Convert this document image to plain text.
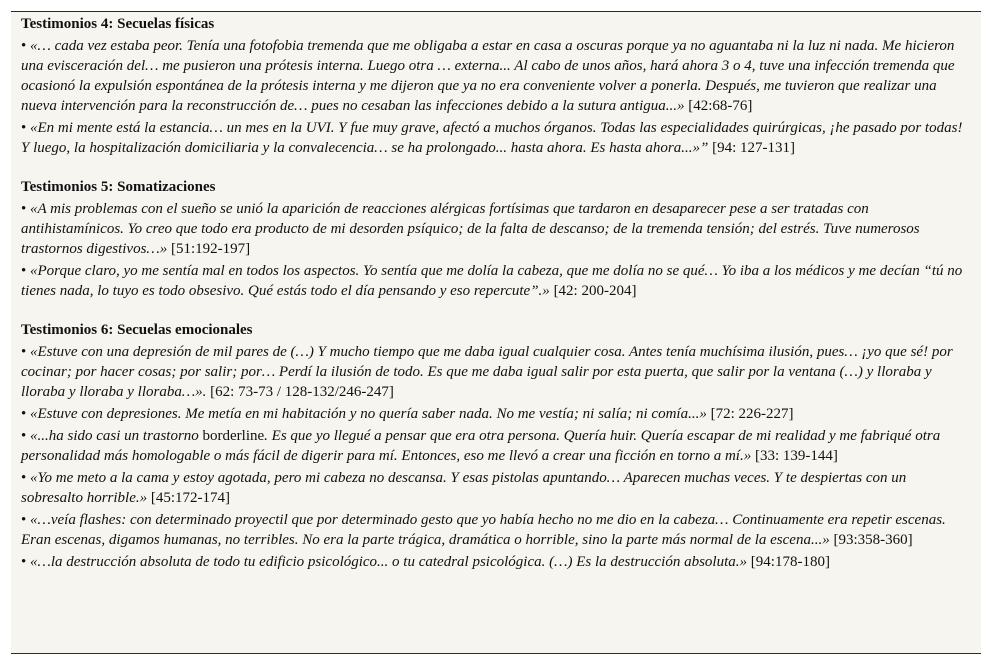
Testimonios 4: Secuelas físicas
• «… cada vez estaba peor. Tenía una fotofobia tremenda que me obligaba a estar en casa a oscuras porque ya no aguantaba ni la luz ni nada. Me hicieron una evisceración del… me pusieron una prótesis interna. Luego otra … externa... Al cabo de unos años, hará ahora 3 o 4, tuve una infección tremenda que ocasionó la expulsión espontánea de la prótesis interna y me dijeron que ya no era conveniente volver a ponerla. Después, me tuvieron que realizar una nueva intervención para la reconstrucción de… pues no cesaban las infecciones debido a la sutura antigua...» [42:68-76]
• «En mi mente está la estancia… un mes en la UVI. Y fue muy grave, afectó a muchos órganos. Todas las especialidades quirúrgicas, ¡he pasado por todas! Y luego, la hospitalización domiciliaria y la convalecencia… se ha prolongado... hasta ahora. Es hasta ahora...»” [94: 127-131]
Testimonios 5: Somatizaciones
• «A mis problemas con el sueño se unió la aparición de reacciones alérgicas fortísimas que tardaron en desaparecer pese a ser tratadas con antihistamínicos. Yo creo que todo era producto de mi desorden psíquico; de la falta de descanso; de la tremenda tensión; del estrés. Tuve numerosos trastornos digestivos…» [51:192-197]
• «Porque claro, yo me sentía mal en todos los aspectos. Yo sentía que me dolía la cabeza, que me dolía no se qué… Yo iba a los médicos y me decían “tú no tienes nada, lo tuyo es todo obsesivo. Qué estás todo el día pensando y eso repercute”.» [42: 200-204]
Testimonios 6: Secuelas emocionales
• «Estuve con una depresión de mil pares de (…) Y mucho tiempo que me daba igual cualquier cosa. Antes tenía muchísima ilusión, pues… ¡yo que sé! por cocinar; por hacer cosas; por salir; por… Perdí la ilusión de todo. Es que me daba igual salir por esta puerta, que salir por la ventana (…) y lloraba y lloraba y lloraba y lloraba…». [62: 73-73 / 128-132/246-247]
• «Estuve con depresiones. Me metía en mi habitación y no quería saber nada. No me vestía; ni salía; ni comía...» [72: 226-227]
• «...ha sido casi un trastorno borderline. Es que yo llegué a pensar que era otra persona. Quería huir. Quería escapar de mi realidad y me fabriqué otra personalidad más homologable o más fácil de digerir para mí. Entonces, eso me llevó a crear una ficción en torno a mí.» [33: 139-144]
• «Yo me meto a la cama y estoy agotada, pero mi cabeza no descansa. Y esas pistolas apuntando… Aparecen muchas veces. Y te despiertas con un sobresalto horrible.» [45:172-174]
• «…veía flashes: con determinado proyectil que por determinado gesto que yo había hecho no me dio en la cabeza… Continuamente era repetir escenas. Eran escenas, digamos humanas, no terribles. No era la parte trágica, dramática o horrible, sino la parte más normal de la escena...» [93:358-360]
• «…la destrucción absoluta de todo tu edificio psicológico... o tu catedral psicológica. (…) Es la destrucción absoluta.» [94:178-180]
